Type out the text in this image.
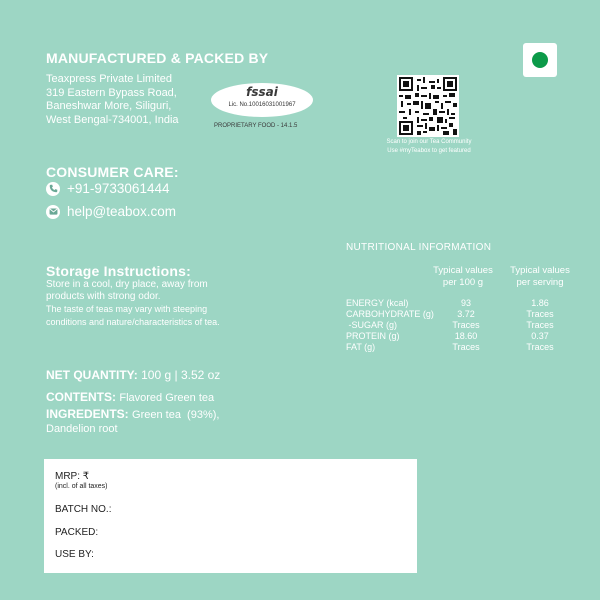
MANUFACTURED & PACKED BY
Teaxpress Private Limited
319 Eastern Bypass Road,
Baneshwar More, Siliguri,
West Bengal-734001, India
fssai
Lic. No.10016031001967
PROPRIETARY FOOD - 14.1.5
Scan to join our Tea Community
Use #myTeabox to get featured
CONSUMER CARE:
+91-9733061444
help@teabox.com
Storage Instructions:
Store in a cool, dry place, away from
products with strong odor.
The taste of teas may vary with steeping
conditions and nature/characteristics of tea.
NUTRITIONAL INFORMATION
Typical values
per 100 g
Typical values
per serving
ENERGY (kcal)	93	1.86
CARBOHYDRATE (g)	3.72	Traces
-SUGAR (g)	Traces	Traces
PROTEIN (g)	18.60	0.37
FAT (g)	Traces	Traces
NET QUANTITY: 100 g | 3.52 oz
CONTENTS: Flavored Green tea
INGREDENTS: Green tea  (93%),
Dandelion root
MRP: ₹
(incl. of all taxes)
BATCH NO.:
PACKED:
USE BY:
